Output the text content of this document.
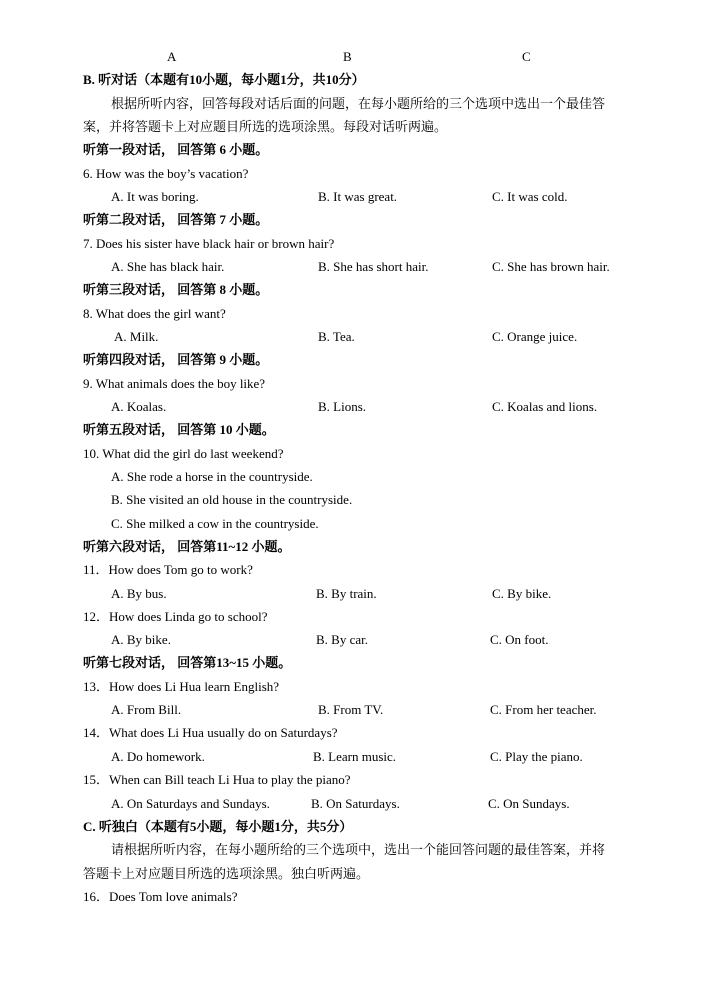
A	B	C
B. 听对话（本题有10小题，每小题1分，共10分）
根据所听内容，回答每段对话后面的问题，在每小题所给的三个选项中选出一个最佳答
案，并将答题卡上对应题目所选的选项涂黑。每段对话听两遍。
听第一段对话， 回答第 6 小题。
6. How was the boy’s vacation?
A. It was boring.	B. It was great.	C. It was cold.
听第二段对话， 回答第 7 小题。
7. Does his sister have black hair or brown hair?
A. She has black hair.	B. She has short hair.	C. She has brown hair.
听第三段对话， 回答第 8 小题。
8. What does the girl want?
A. Milk.	B. Tea.	C. Orange juice.
听第四段对话， 回答第 9 小题。
9. What animals does the boy like?
A. Koalas.	B. Lions.	C. Koalas and lions.
听第五段对话， 回答第 10 小题。
10. What did the girl do last weekend?
A. She rode a horse in the countryside.
B. She visited an old house in the countryside.
C. She milked a cow in the countryside.
听第六段对话， 回答第11~12 小题。
11．How does Tom go to work?
A. By bus.	B. By train.	C. By bike.
12．How does Linda go to school?
A. By bike.	B. By car.	C. On foot.
听第七段对话， 回答第13~15 小题。
13．How does Li Hua learn English?
A. From Bill.	B. From TV.	C. From her teacher.
14．What does Li Hua usually do on Saturdays?
A. Do homework.	B. Learn music.	C. Play the piano.
15．When can Bill teach Li Hua to play the piano?
A. On Saturdays and Sundays.	B. On Saturdays.	C. On Sundays.
C. 听独白（本题有5小题，每小题1分，共5分）
请根据所听内容，在每小题所给的三个选项中，选出一个能回答问题的最佳答案，并将
答题卡上对应题目所选的选项涂黑。独白听两遍。
16．Does Tom love animals?
